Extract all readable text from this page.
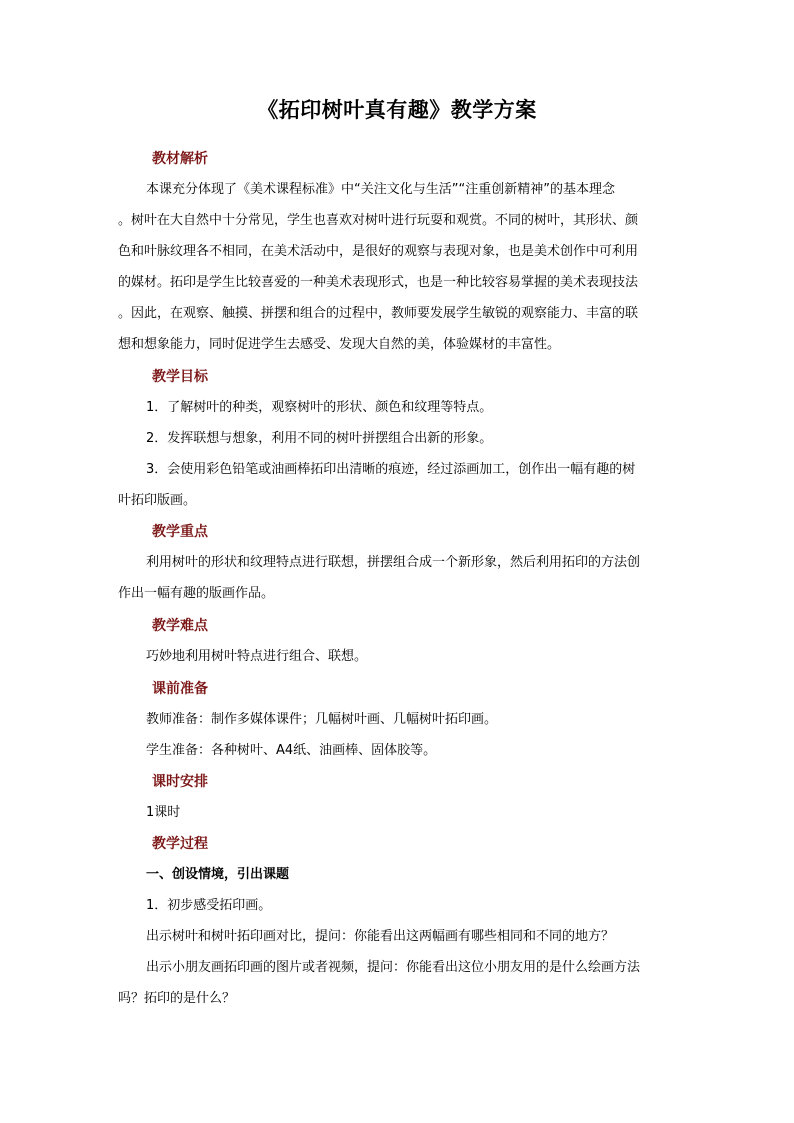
《拓印树叶真有趣》教学方案
教材解析
本课充分体现了《美术课程标准》中“关注文化与生活”“注重创新精神”的基本理念
。树叶在大自然中十分常见，学生也喜欢对树叶进行玩耍和观赏。不同的树叶，其形状、颜
色和叶脉纹理各不相同，在美术活动中，是很好的观察与表现对象，也是美术创作中可利用
的媒材。拓印是学生比较喜爱的一种美术表现形式，也是一种比较容易掌握的美术表现技法
。因此，在观察、触摸、拼摆和组合的过程中，教师要发展学生敏锐的观察能力、丰富的联
想和想象能力，同时促进学生去感受、发现大自然的美，体验媒材的丰富性。
教学目标
1．了解树叶的种类，观察树叶的形状、颜色和纹理等特点。
2．发挥联想与想象，利用不同的树叶拼摆组合出新的形象。
3．会使用彩色铅笔或油画棒拓印出清晰的痕迹，经过添画加工，创作出一幅有趣的树
叶拓印版画。
教学重点
利用树叶的形状和纹理特点进行联想，拼摆组合成一个新形象，然后利用拓印的方法创
作出一幅有趣的版画作品。
教学难点
巧妙地利用树叶特点进行组合、联想。
课前准备
教师准备：制作多媒体课件；几幅树叶画、几幅树叶拓印画。
学生准备：各种树叶、A4纸、油画棒、固体胶等。
课时安排
1课时
教学过程
一、创设情境，引出课题
1．初步感受拓印画。
出示树叶和树叶拓印画对比，提问：你能看出这两幅画有哪些相同和不同的地方？
出示小朋友画拓印画的图片或者视频，提问：你能看出这位小朋友用的是什么绘画方法
吗？拓印的是什么？
